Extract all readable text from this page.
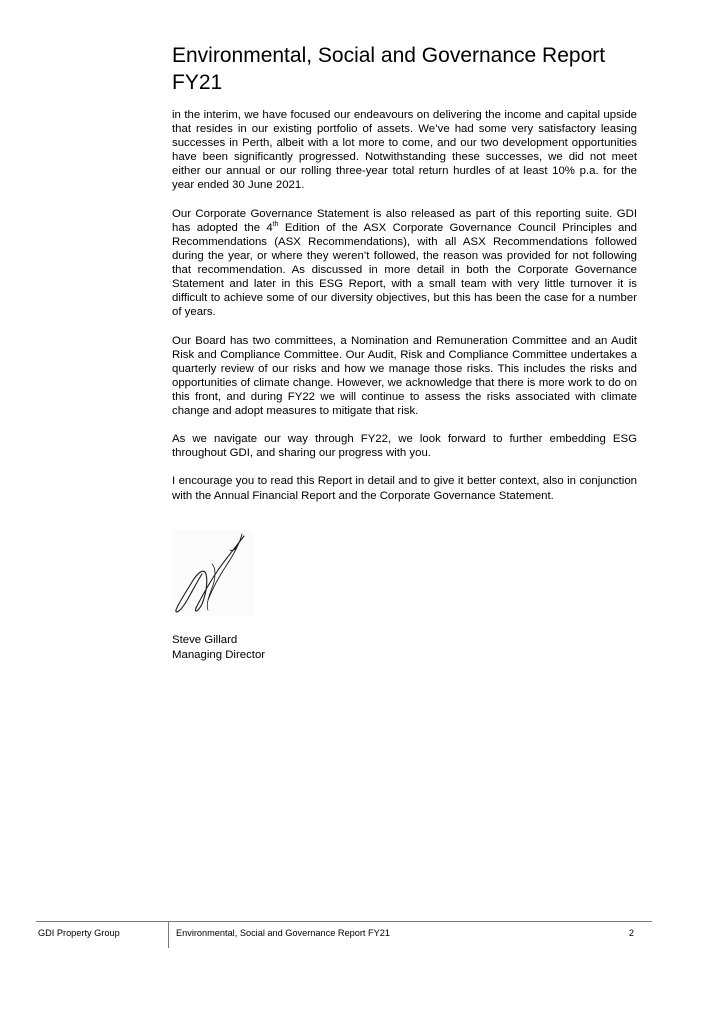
Environmental, Social and Governance Report
FY21

in the interim, we have focused our endeavours on delivering the income and capital upside that resides in our existing portfolio of assets. We’ve had some very satisfactory leasing successes in Perth, albeit with a lot more to come, and our two development opportunities have been significantly progressed. Notwithstanding these successes, we did not meet either our annual or our rolling three-year total return hurdles of at least 10% p.a. for the year ended 30 June 2021.

Our Corporate Governance Statement is also released as part of this reporting suite. GDI has adopted the 4th Edition of the ASX Corporate Governance Council Principles and Recommendations (ASX Recommendations), with all ASX Recommendations followed during the year, or where they weren’t followed, the reason was provided for not following that recommendation. As discussed in more detail in both the Corporate Governance Statement and later in this ESG Report, with a small team with very little turnover it is difficult to achieve some of our diversity objectives, but this has been the case for a number of years.

Our Board has two committees, a Nomination and Remuneration Committee and an Audit Risk and Compliance Committee. Our Audit, Risk and Compliance Committee undertakes a quarterly review of our risks and how we manage those risks. This includes the risks and opportunities of climate change. However, we acknowledge that there is more work to do on this front, and during FY22 we will continue to assess the risks associated with climate change and adopt measures to mitigate that risk.

As we navigate our way through FY22, we look forward to further embedding ESG throughout GDI, and sharing our progress with you.

I encourage you to read this Report in detail and to give it better context, also in conjunction with the Annual Financial Report and the Corporate Governance Statement.

Steve Gillard
Managing Director
GDI Property Group	Environmental, Social and Governance Report FY21	2
